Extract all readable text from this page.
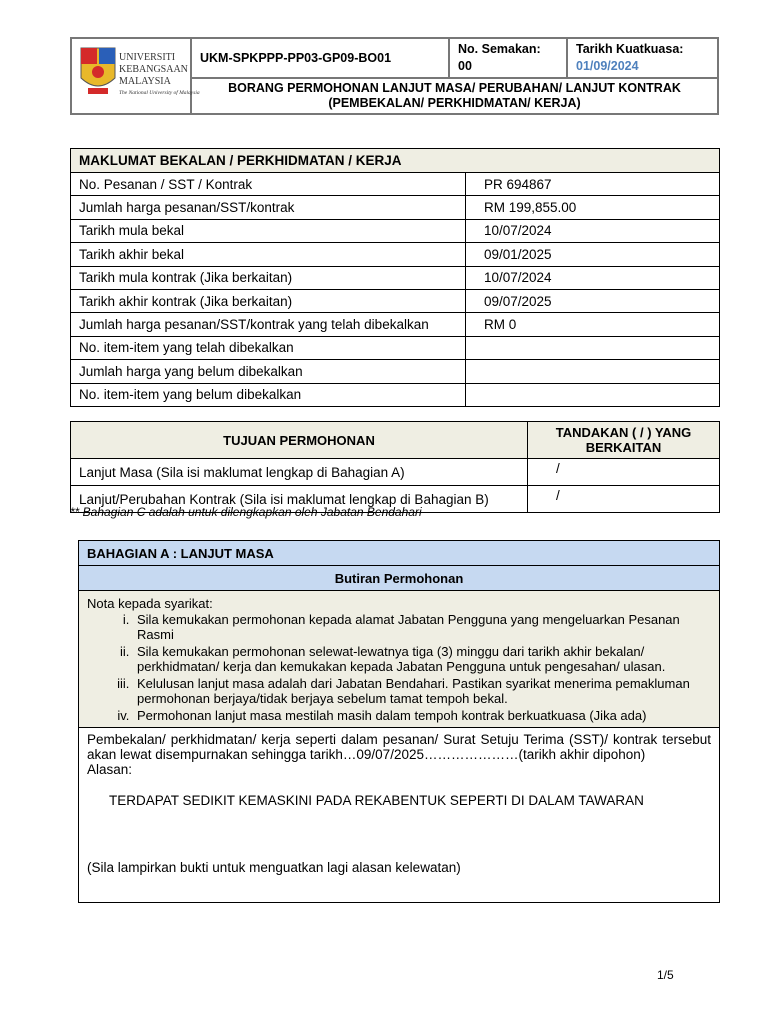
UNIVERSITI
KEBANGSAAN
MALAYSIA
The National University of Malaysia
	UKM-SPKPPP-PP03-GP09-BO01	
No. Semakan:
00

Tarikh Kuatkuasa:
01/09/2024

BORANG PERMOHONAN LANJUT MASA/ PERUBAHAN/ LANJUT KONTRAK
(PEMBEKALAN/ PERKHIDMATAN/ KERJA)
MAKLUMAT BEKALAN / PERKHIDMATAN / KERJA	
No. Pesanan / SST / Kontrak	PR 694867
Jumlah harga pesanan/SST/kontrak	RM 199,855.00
Tarikh mula bekal	10/07/2024
Tarikh akhir bekal	09/01/2025
Tarikh mula kontrak (Jika berkaitan)	10/07/2024
Tarikh akhir kontrak (Jika berkaitan)	09/07/2025
Jumlah harga pesanan/SST/kontrak yang telah dibekalkan	RM 0
No. item-item yang telah dibekalkan	
Jumlah harga yang belum dibekalkan	
No. item-item yang belum dibekalkan	
TUJUAN PERMOHONAN	TANDAKAN ( / ) YANG
BERKAITAN

Lanjut Masa (Sila isi maklumat lengkap di Bahagian A)	/
Lanjut/Perubahan Kontrak (Sila isi maklumat lengkap di Bahagian B)	/
** Bahagian C adalah untuk dilengkapkan oleh Jabatan Bendahari
BAHAGIAN A : LANJUT MASA
Butiran Permohonan

Nota kepada syarikat:
i. Sila kemukakan permohonan kepada alamat Jabatan Pengguna yang mengeluarkan Pesanan Rasmi
ii. Sila kemukakan permohonan selewat-lewatnya tiga (3) minggu dari tarikh akhir bekalan/ perkhidmatan/ kerja dan kemukakan kepada Jabatan Pengguna untuk pengesahan/ ulasan.
iii. Kelulusan lanjut masa adalah dari Jabatan Bendahari. Pastikan syarikat menerima pemakluman permohonan berjaya/tidak berjaya sebelum tamat tempoh bekal.
iv. Permohonan lanjut masa mestilah masih dalam tempoh kontrak berkuatkuasa (Jika ada)

Pembekalan/ perkhidmatan/ kerja seperti dalam pesanan/ Surat Setuju Terima (SST)/ kontrak tersebut akan lewat disempurnakan sehingga tarikh…09/07/2025…………………(tarikh akhir dipohon)
Alasan:
TERDAPAT SEDIKIT KEMASKINI PADA REKABENTUK SEPERTI DI DALAM TAWARAN
(Sila lampirkan bukti untuk menguatkan lagi alasan kelewatan)
1/5
